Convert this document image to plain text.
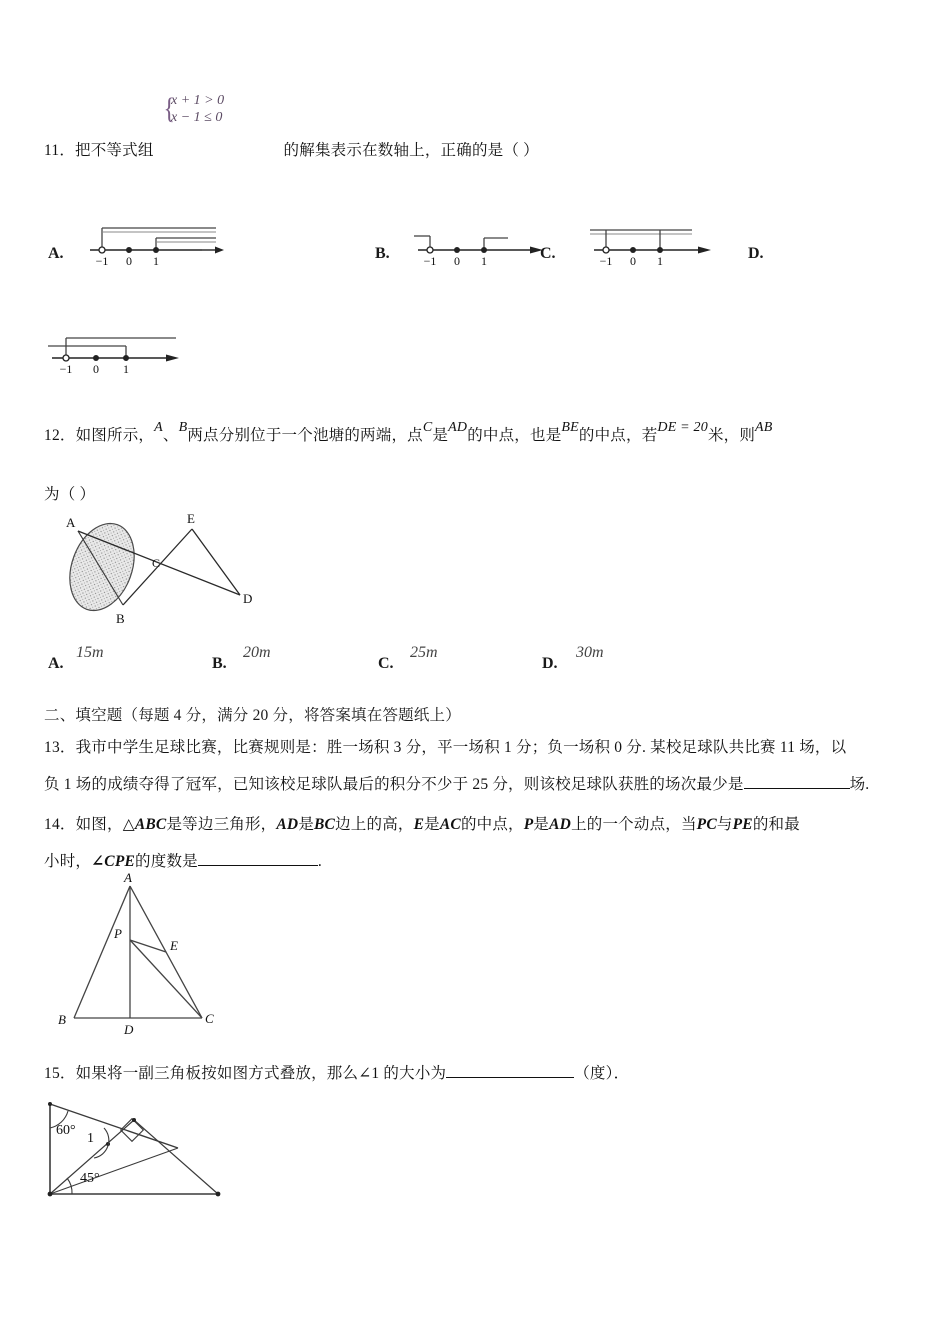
{ x + 1 > 0
x − 1 ≤ 0
11．把不等式组	的解集表示在数轴上，正确的是（ ）
A.	−1 0 1	B.	−1 0 1	C.	−1 0 1	D.
−1 0 1
12．如图所示，A、B两点分别位于一个池塘的两端，点C是AD的中点，也是BE的中点，若DE = 20米，则AB
为（ ）
A
B
C
D
E
A.
15m
B.
20m
C.
25m
D.
30m
二、填空题（每题 4 分，满分 20 分，将答案填在答题纸上）
13．我市中学生足球比赛，比赛规则是：胜一场积 3 分，平一场积 1 分；负一场积 0 分. 某校足球队共比赛 11 场，以
负 1 场的成绩夺得了冠军，已知该校足球队最后的积分不少于 25 分，则该校足球队获胜的场次最少是	场.
14．如图，△ABC是等边三角形，AD是BC边上的高，E是AC的中点，P是AD上的一个动点，当PC与PE的和最
小时，∠CPE的度数是	.
A
B	C
D
E
P
15．如果将一副三角板按如图方式叠放，那么∠1 的大小为	（度）．
60°
1
45°
